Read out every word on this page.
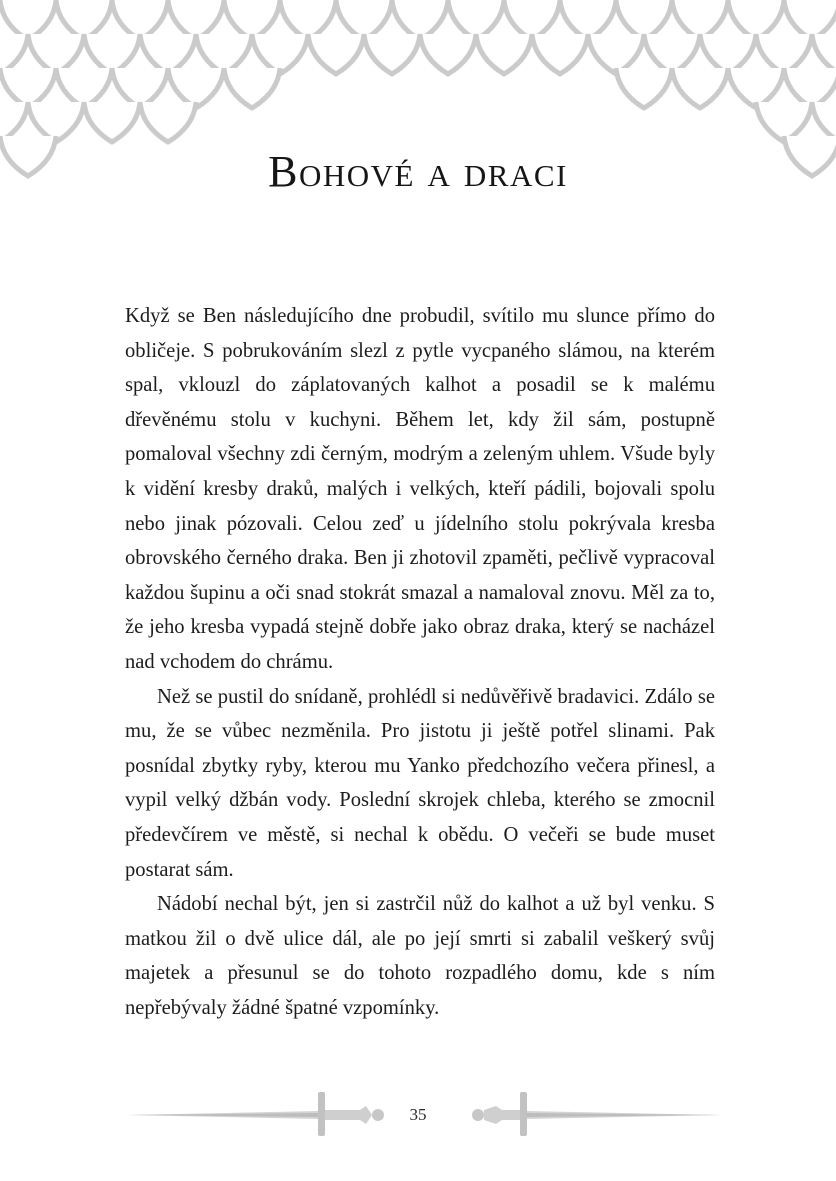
Bohové a draci

Když se Ben následujícího dne probudil, svítilo mu slunce přímo do obličeje. S pobrukováním slezl z pytle vycpaného slámou, na kterém spal, vklouzl do záplatovaných kalhot a posadil se k malému dřevěnému stolu v kuchyni. Během let, kdy žil sám, postupně pomaloval všechny zdi černým, modrým a zeleným uhlem. Všude byly k vidění kresby draků, malých i velkých, kteří pádili, bojovali spolu nebo jinak pózovali. Celou zeď u jídelního stolu pokrývala kresba obrovského černého draka. Ben ji zhotovil zpaměti, pečlivě vypracoval každou šupinu a oči snad stokrát smazal a namaloval znovu. Měl za to, že jeho kresba vypadá stejně dobře jako obraz draka, který se nacházel nad vchodem do chrámu.

Než se pustil do snídaně, prohlédl si nedůvěřivě bradavici. Zdálo se mu, že se vůbec nezměnila. Pro jistotu ji ještě potřel slinami. Pak posnídal zbytky ryby, kterou mu Yanko předchozího večera přinesl, a vypil velký džbán vody. Poslední skrojek chleba, kterého se zmocnil předevčírem ve městě, si nechal k obědu. O večeři se bude muset postarat sám.

Nádobí nechal být, jen si zastrčil nůž do kalhot a už byl venku. S matkou žil o dvě ulice dál, ale po její smrti si zabalil veškerý svůj majetek a přesunul se do tohoto rozpadlého domu, kde s ním nepřebývaly žádné špatné vzpomínky.

35
